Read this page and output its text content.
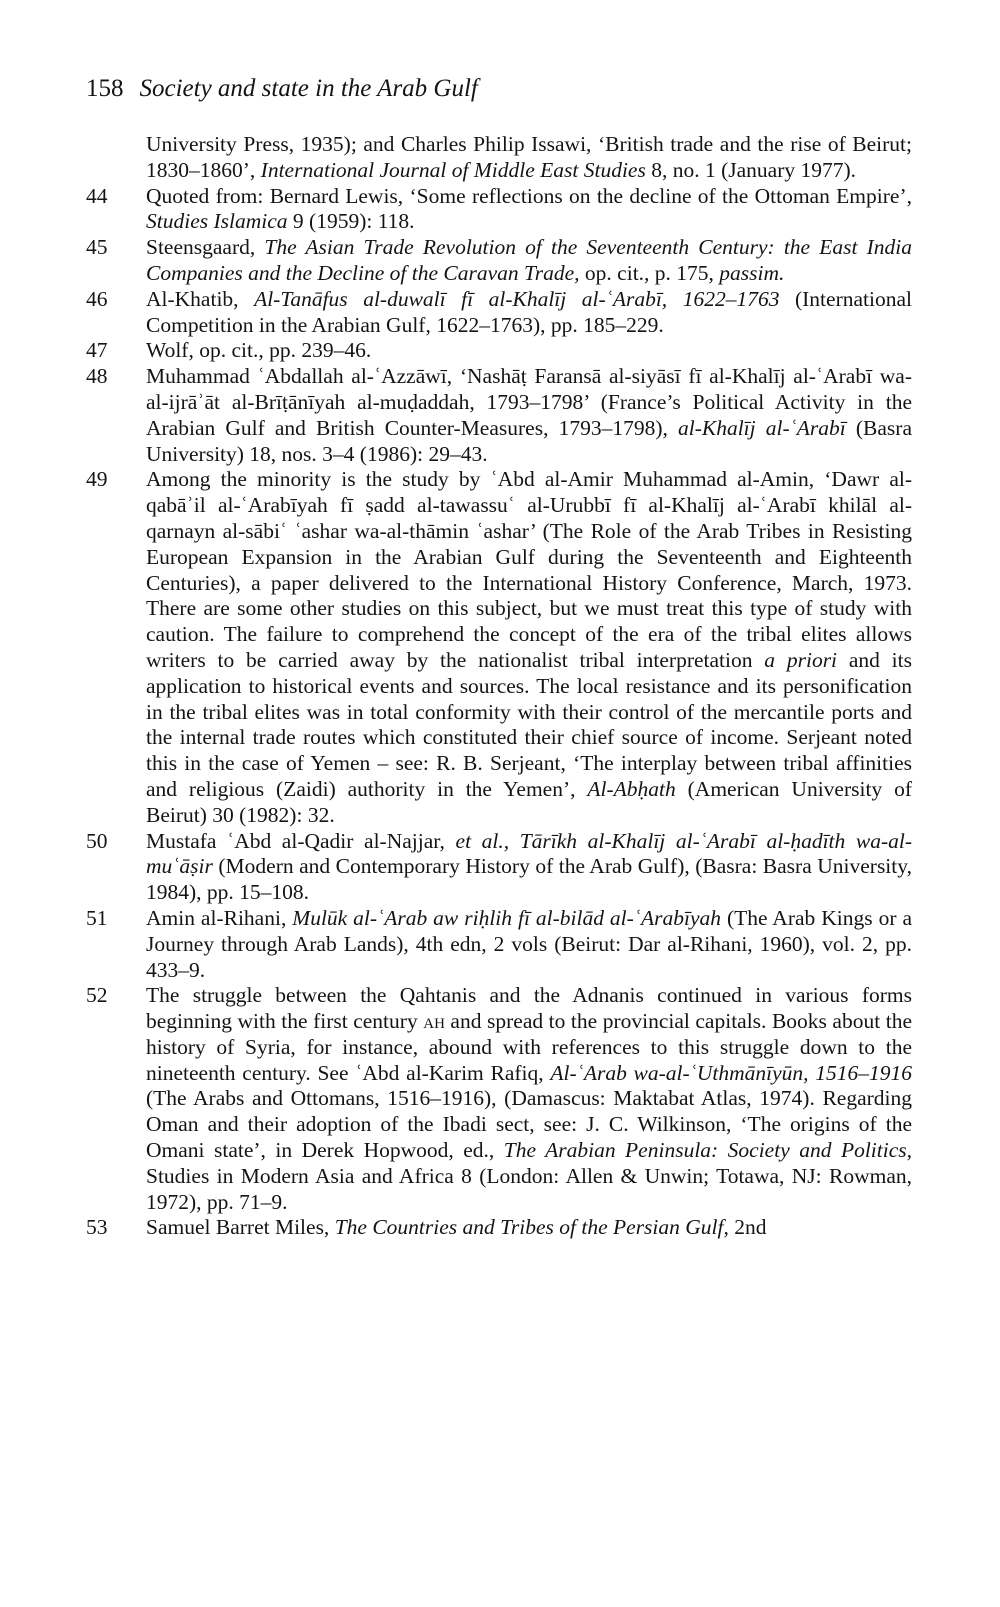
158 Society and state in the Arab Gulf
University Press, 1935); and Charles Philip Issawi, ‘British trade and the rise of Beirut; 1830–1860’, International Journal of Middle East Studies 8, no. 1 (January 1977).
44	Quoted from: Bernard Lewis, ‘Some reflections on the decline of the Ottoman Empire’, Studies Islamica 9 (1959): 118.
45	Steensgaard, The Asian Trade Revolution of the Seventeenth Century: the East India Companies and the Decline of the Caravan Trade, op. cit., p. 175, passim.
46	Al-Khatib, Al-Tanāfus al-duwalī fī al-Khalīj al-ʿArabī, 1622–1763 (International Competition in the Arabian Gulf, 1622–1763), pp. 185–229.
47	Wolf, op. cit., pp. 239–46.
48	Muhammad ʿAbdallah al-ʿAzzāwī, ‘Nashāṭ Faransā al-siyāsī fī al-Khalīj al-ʿArabī wa-al-ijrāʾāt al-Brīṭānīyah al-muḍaddah, 1793–1798’ (France’s Political Activity in the Arabian Gulf and British Counter-Measures, 1793–1798), al-Khalīj al-ʿArabī (Basra University) 18, nos. 3–4 (1986): 29–43.
49	Among the minority is the study by ʿAbd al-Amir Muhammad al-Amin, ‘Dawr al-qabāʾil al-ʿArabīyah fī ṣadd al-tawassuʿ al-Urubbī fī al-Khalīj al-ʿArabī khilāl al-qarnayn al-sābiʿ ʿashar wa-al-thāmin ʿashar’ (The Role of the Arab Tribes in Resisting European Expansion in the Arabian Gulf during the Seventeenth and Eighteenth Centuries), a paper delivered to the International History Conference, March, 1973. There are some other studies on this subject, but we must treat this type of study with caution. The failure to comprehend the concept of the era of the tribal elites allows writers to be carried away by the nationalist tribal interpretation a priori and its application to historical events and sources. The local resistance and its personification in the tribal elites was in total conformity with their control of the mercantile ports and the internal trade routes which constituted their chief source of income. Serjeant noted this in the case of Yemen – see: R. B. Serjeant, ‘The interplay between tribal affinities and religious (Zaidi) authority in the Yemen’, Al-Abḥath (American University of Beirut) 30 (1982): 32.
50	Mustafa ʿAbd al-Qadir al-Najjar, et al., Tārīkh al-Khalīj al-ʿArabī al-ḥadīth wa-al-muʿāṣir (Modern and Contemporary History of the Arab Gulf), (Basra: Basra University, 1984), pp. 15–108.
51	Amin al-Rihani, Mulūk al-ʿArab aw riḥlih fī al-bilād al-ʿArabīyah (The Arab Kings or a Journey through Arab Lands), 4th edn, 2 vols (Beirut: Dar al-Rihani, 1960), vol. 2, pp. 433–9.
52	The struggle between the Qahtanis and the Adnanis continued in various forms beginning with the first century ah and spread to the provincial capitals. Books about the history of Syria, for instance, abound with references to this struggle down to the nineteenth century. See ʿAbd al-Karim Rafiq, Al-ʿArab wa-al-ʿUthmānīyūn, 1516–1916 (The Arabs and Ottomans, 1516–1916), (Damascus: Maktabat Atlas, 1974). Regarding Oman and their adoption of the Ibadi sect, see: J. C. Wilkinson, ‘The origins of the Omani state’, in Derek Hopwood, ed., The Arabian Peninsula: Society and Politics, Studies in Modern Asia and Africa 8 (London: Allen & Unwin; Totawa, NJ: Rowman, 1972), pp. 71–9.
53	Samuel Barret Miles, The Countries and Tribes of the Persian Gulf, 2nd
